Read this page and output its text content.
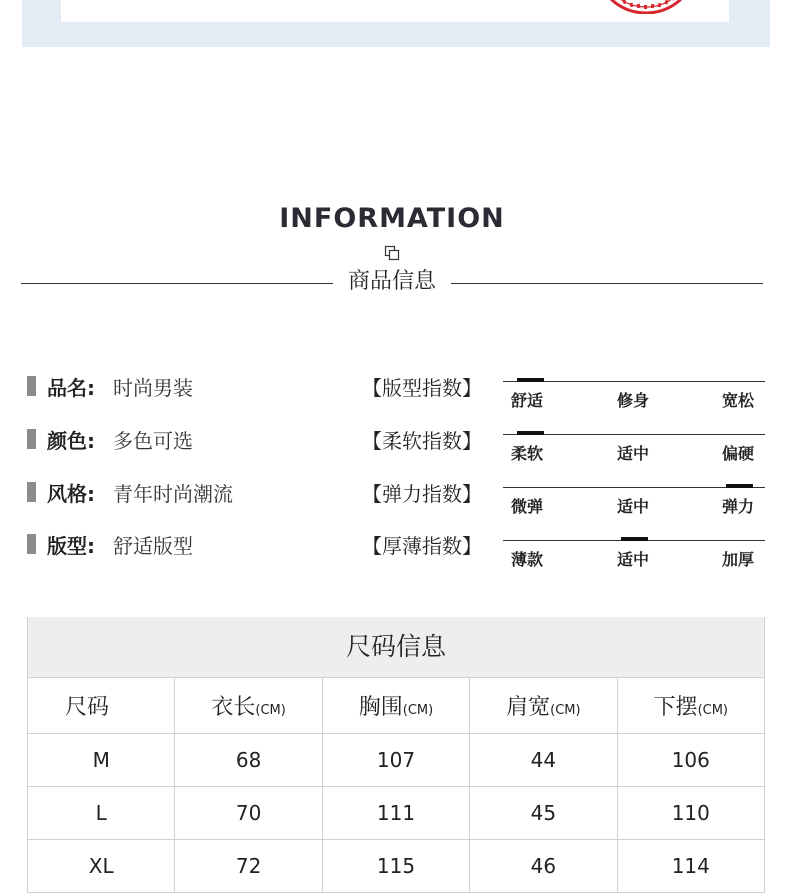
INFORMATION
商品信息
品名: 时尚男装
颜色: 多色可选
风格: 青年时尚潮流
版型: 舒适版型
【版型指数】
【柔软指数】
【弹力指数】
【厚薄指数】
舒适	修身	宽松
柔软	适中	偏硬
微弹	适中	弹力
薄款	适中	加厚
尺码信息
尺码	衣长(CM)	胸围(CM)	肩宽(CM)	下摆(CM)
M	68	107	44	106
L	70	111	45	110
XL	72	115	46	114
